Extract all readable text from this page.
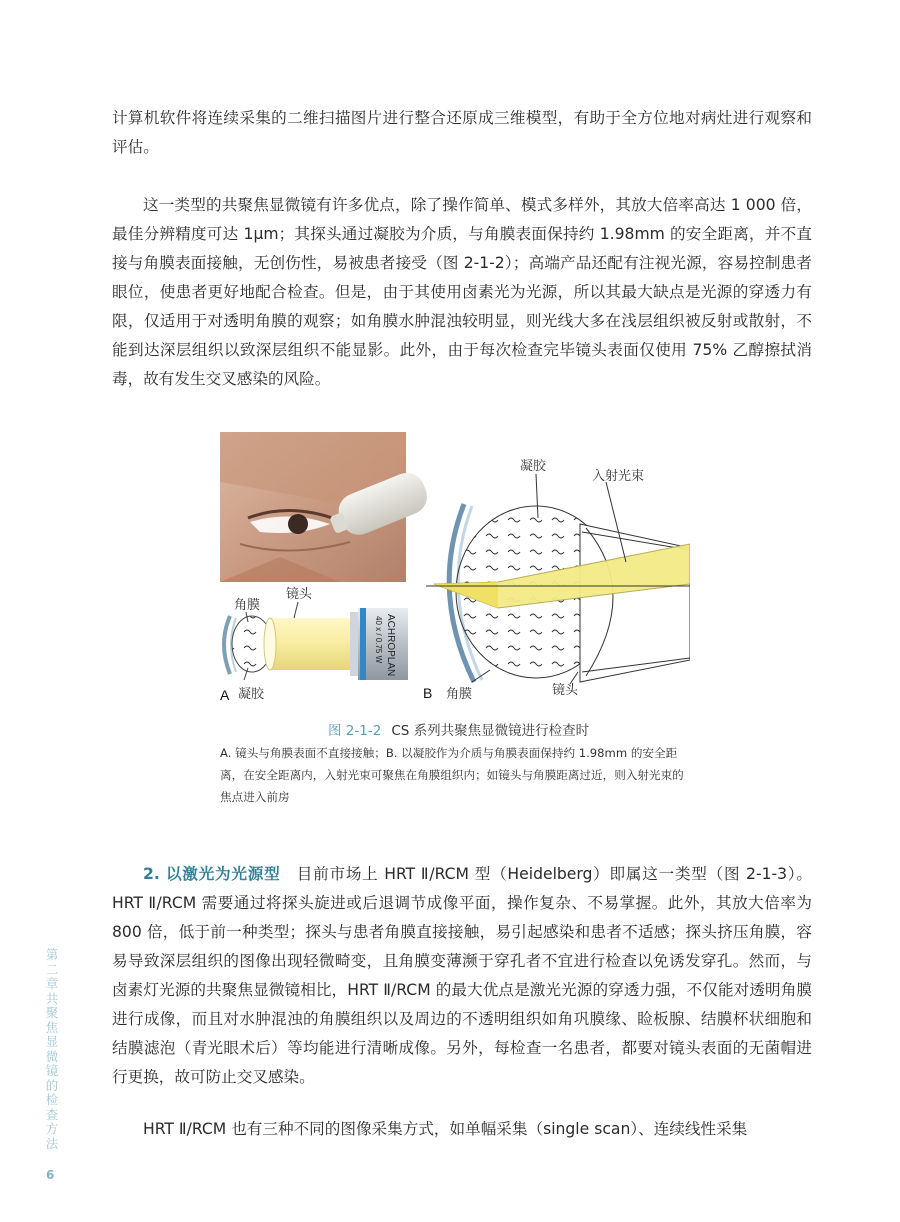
计算机软件将连续采集的二维扫描图片进行整合还原成三维模型，有助于全方位地对病灶进行观察和评估。

这一类型的共聚焦显微镜有许多优点，除了操作简单、模式多样外，其放大倍率高达 1 000 倍，最佳分辨精度可达 1μm；其探头通过凝胶为介质，与角膜表面保持约 1.98mm 的安全距离，并不直接与角膜表面接触，无创伤性，易被患者接受（图 2-1-2）；高端产品还配有注视光源，容易控制患者眼位，使患者更好地配合检查。但是，由于其使用卤素光为光源，所以其最大缺点是光源的穿透力有限，仅适用于对透明角膜的观察；如角膜水肿混浊较明显，则光线大多在浅层组织被反射或散射，不能到达深层组织以致深层组织不能显影。此外，由于每次检查完毕镜头表面仅使用 75% 乙醇擦拭消毒，故有发生交叉感染的风险。

ACHROPLAN
40 x / 0.75 W
角膜
镜头
凝胶
A
凝胶
入射光束
角膜	镜头
B
图 2-1-2 CS 系列共聚焦显微镜进行检查时

A. 镜头与角膜表面不直接接触；B. 以凝胶作为介质与角膜表面保持约 1.98mm 的安全距离，在安全距离内，入射光束可聚焦在角膜组织内；如镜头与角膜距离过近，则入射光束的焦点进入前房

2. 以激光为光源型　 目前市场上 HRT Ⅱ/RCM 型（Heidelberg）即属这一类型（图 2-1-3）。HRT Ⅱ/RCM 需要通过将探头旋进或后退调节成像平面，操作复杂、不易掌握。此外，其放大倍率为 800 倍，低于前一种类型；探头与患者角膜直接接触，易引起感染和患者不适感；探头挤压角膜，容易导致深层组织的图像出现轻微畸变，且角膜变薄濒于穿孔者不宜进行检查以免诱发穿孔。然而，与卤素灯光源的共聚焦显微镜相比，HRT Ⅱ/RCM 的最大优点是激光光源的穿透力强，不仅能对透明角膜进行成像，而且对水肿混浊的角膜组织以及周边的不透明组织如角巩膜缘、睑板腺、结膜杯状细胞和结膜滤泡（青光眼术后）等均能进行清晰成像。另外，每检查一名患者，都要对镜头表面的无菌帽进行更换，故可防止交叉感染。

HRT Ⅱ/RCM 也有三种不同的图像采集方式，如单幅采集（single scan）、连续线性采集

第二章　共聚焦显微镜的检查方法
6
